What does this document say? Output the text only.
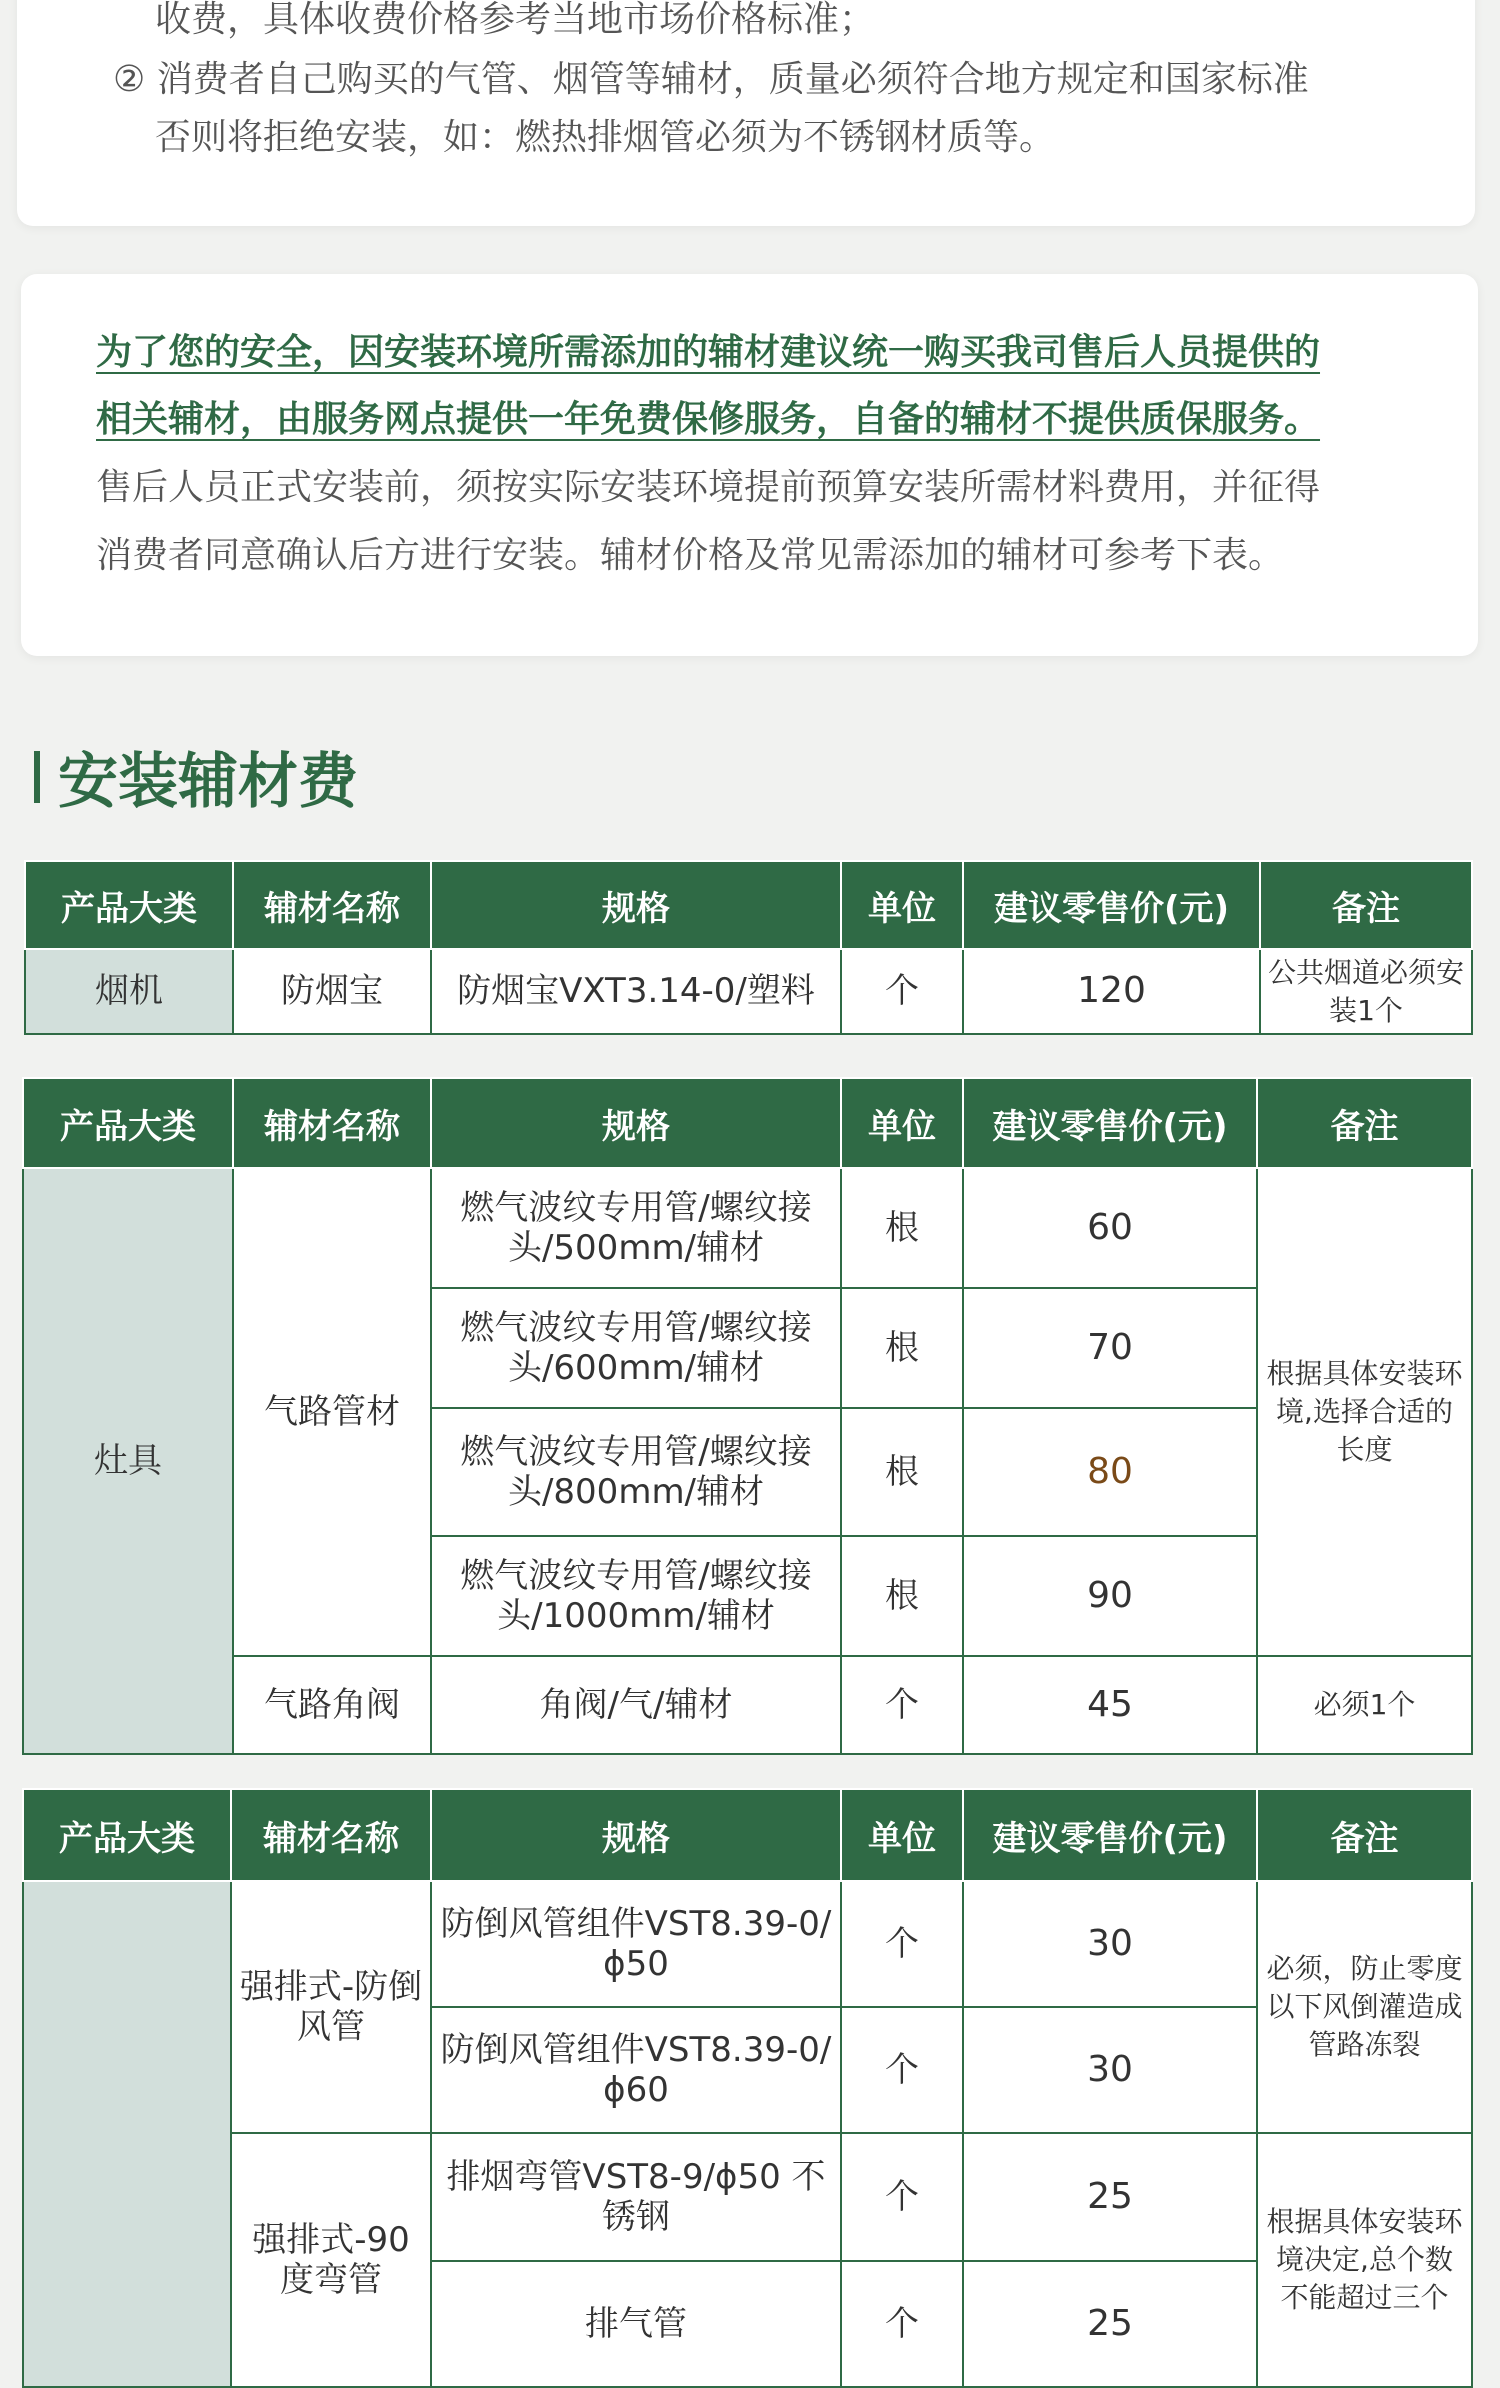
收费，具体收费价格参考当地市场价格标准；
② 消费者自己购买的气管、烟管等辅材，质量必须符合地方规定和国家标准
否则将拒绝安装，如：燃热排烟管必须为不锈钢材质等。
为了您的安全，因安装环境所需添加的辅材建议统一购买我司售后人员提供的
相关辅材，由服务网点提供一年免费保修服务，自备的辅材不提供质保服务。
售后人员正式安装前，须按实际安装环境提前预算安装所需材料费用，并征得
消费者同意确认后方进行安装。辅材价格及常见需添加的辅材可参考下表。
安装辅材费
产品大类	辅材名称	规格	单位	建议零售价(元)	备注
烟机	防烟宝	防烟宝VXT3.14-0/塑料	个	120	公共烟道必须安装1个
产品大类	辅材名称	规格	单位	建议零售价(元)	备注
灶具	气路管材	燃气波纹专用管/螺纹接头/500mm/辅材	根	60	根据具体安装环境,选择合适的长度
		燃气波纹专用管/螺纹接头/600mm/辅材	根	70	
		燃气波纹专用管/螺纹接头/800mm/辅材	根	80	
		燃气波纹专用管/螺纹接头/1000mm/辅材	根	90	
	气路角阀	角阀/气/辅材	个	45	必须1个
产品大类	辅材名称	规格	单位	建议零售价(元)	备注
	强排式-防倒风管	防倒风管组件VST8.39-0/ϕ50	个	30	必须，防止零度以下风倒灌造成管路冻裂
		防倒风管组件VST8.39-0/ϕ60	个	30	
	强排式-90度弯管	排烟弯管VST8-9/ϕ50 不锈钢	个	25	根据具体安装环境决定,总个数不能超过三个
		排气管	个	25	
